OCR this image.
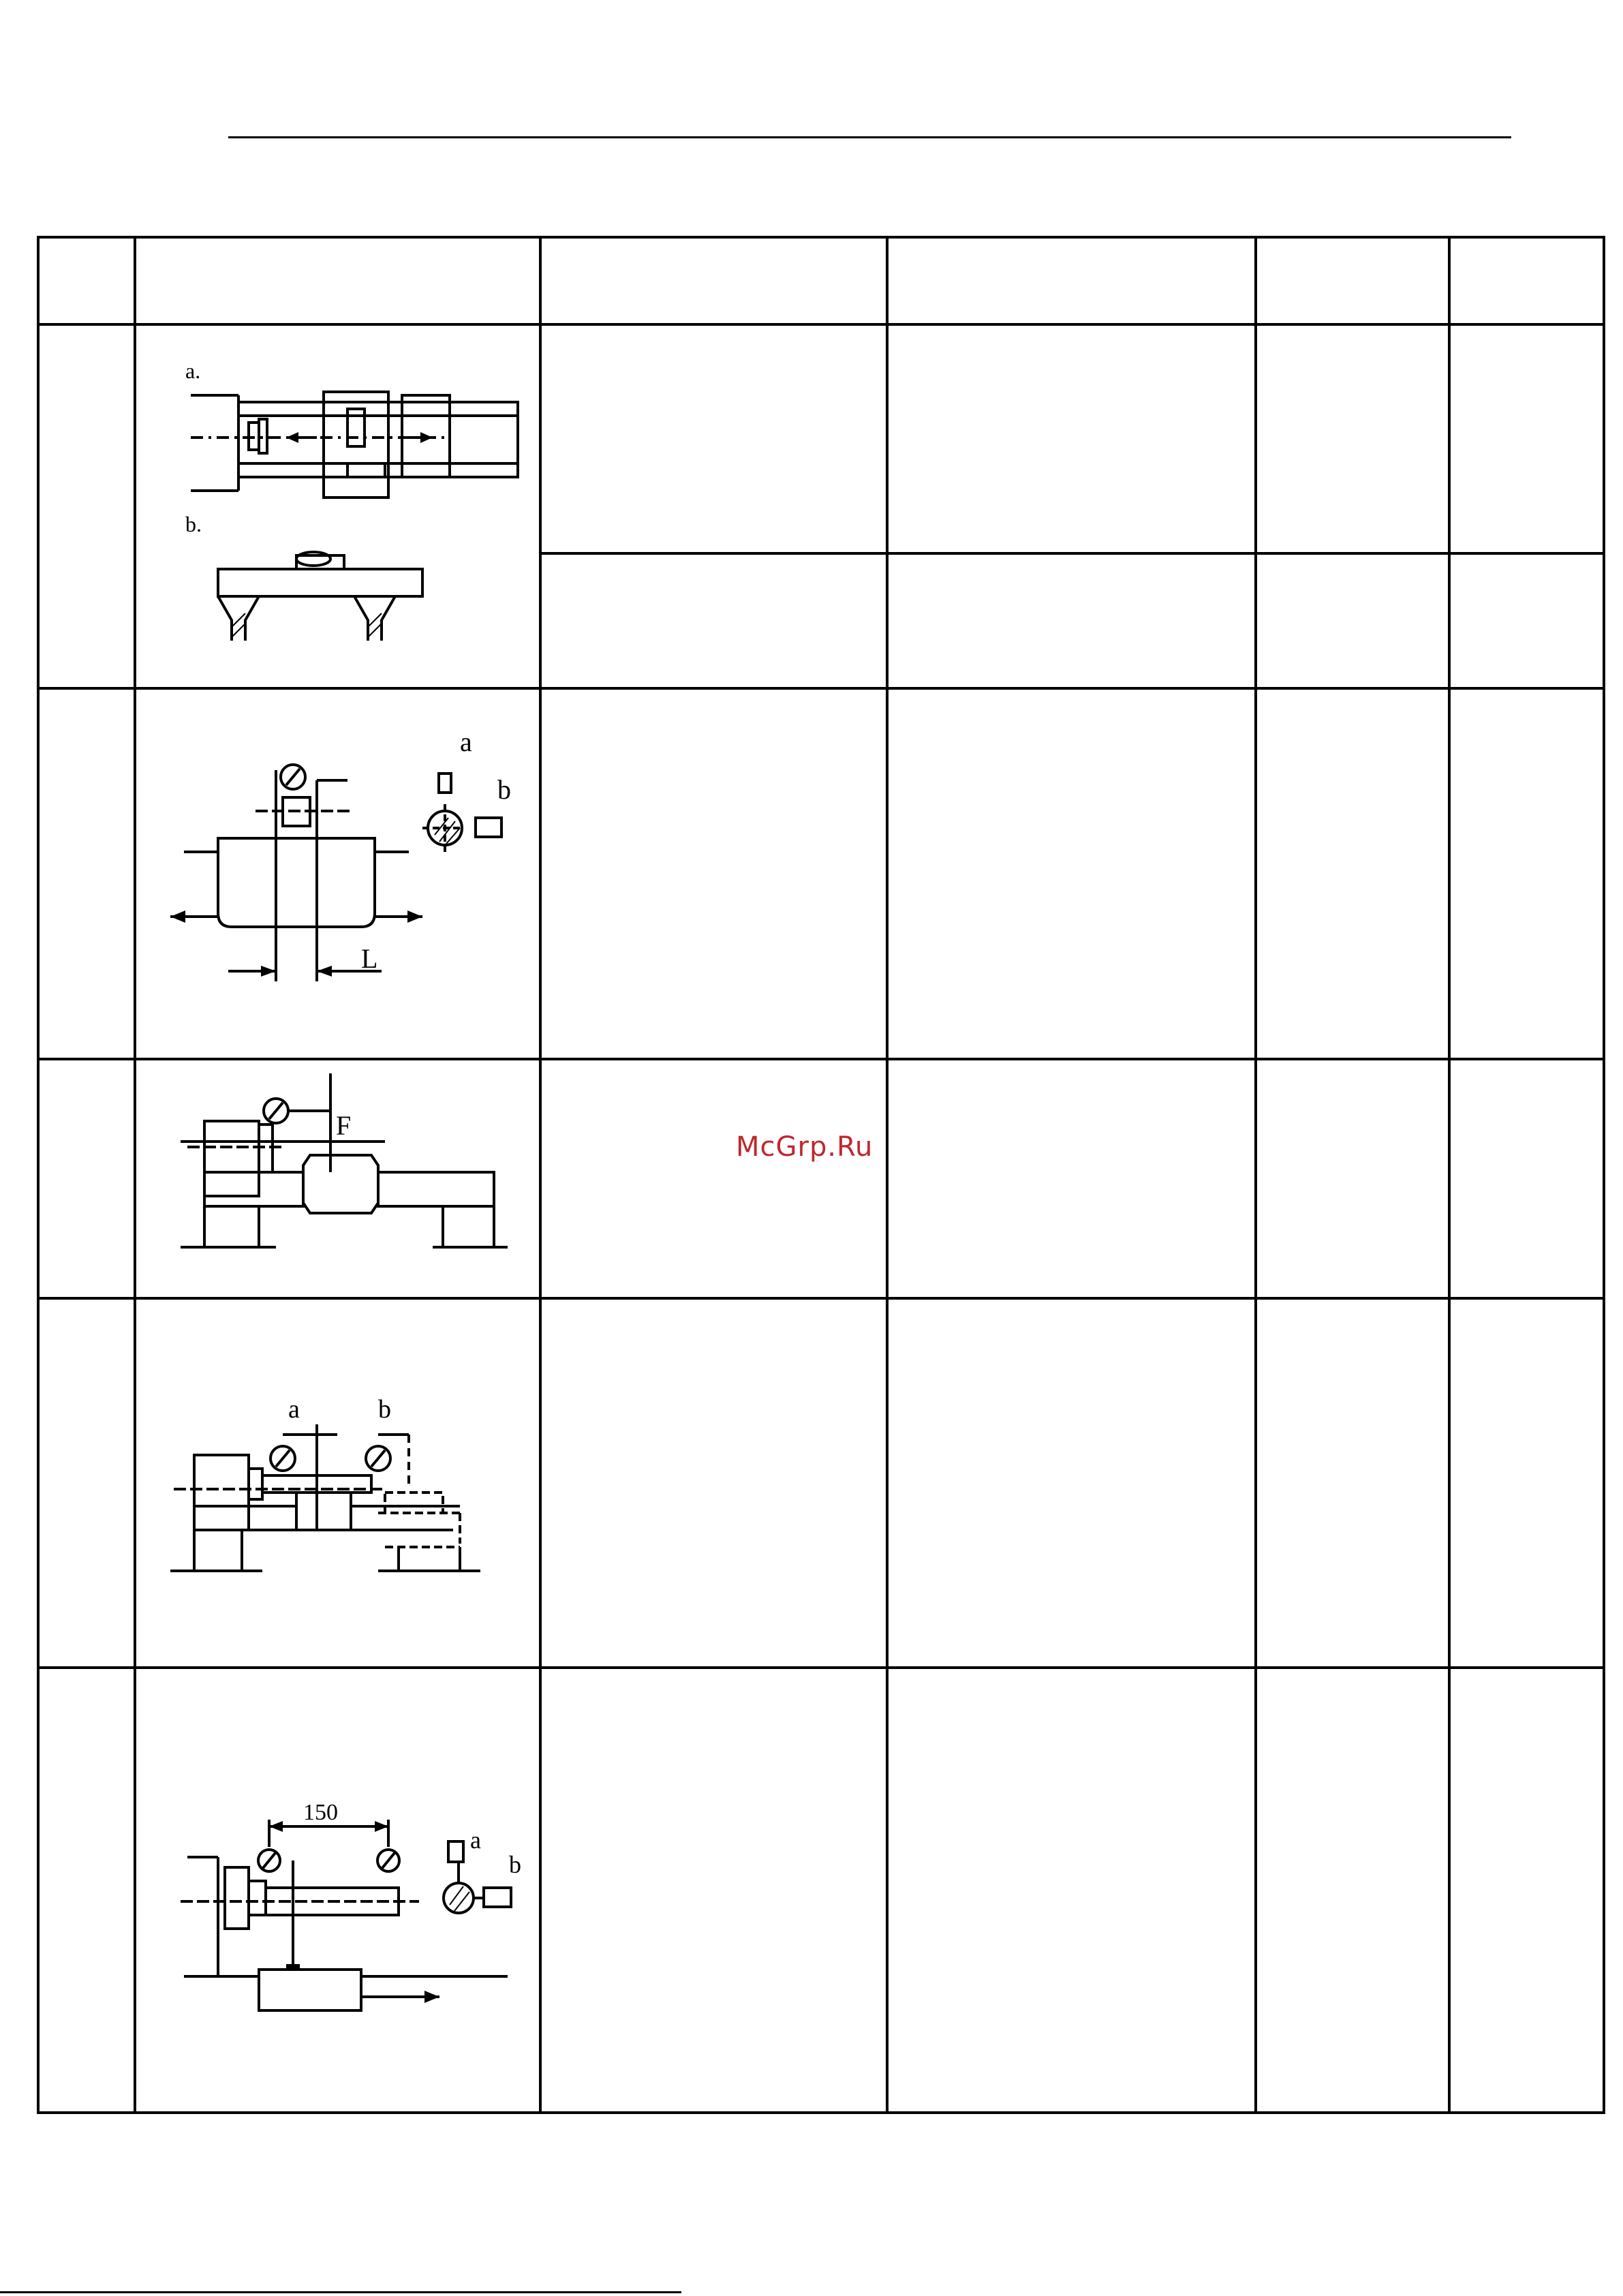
a.
b.
a
b
L
F
a	b
150
a
b
McGrp.Ru
